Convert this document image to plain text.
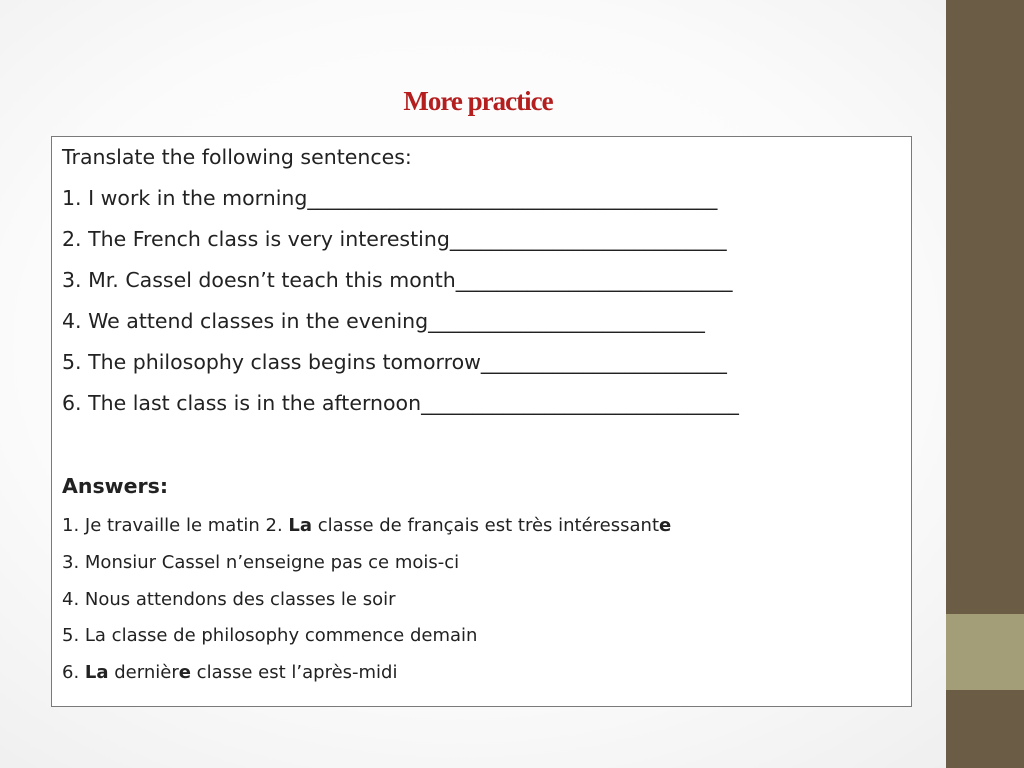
More practice
Translate the following sentences:
1. I work in the morning________________________________________
2. The French class is very interesting___________________________
3. Mr. Cassel doesn’t teach this month___________________________
4. We attend classes in the evening___________________________
5. The philosophy class begins tomorrow________________________
6. The last class is in the afternoon_______________________________
Answers:
1. Je travaille le matin 2. La classe de français est très intéressante
3. Monsiur Cassel n’enseigne pas ce mois-ci
4. Nous attendons des classes le soir
5. La classe de philosophy commence demain
6. La dernière classe est l’après-midi
